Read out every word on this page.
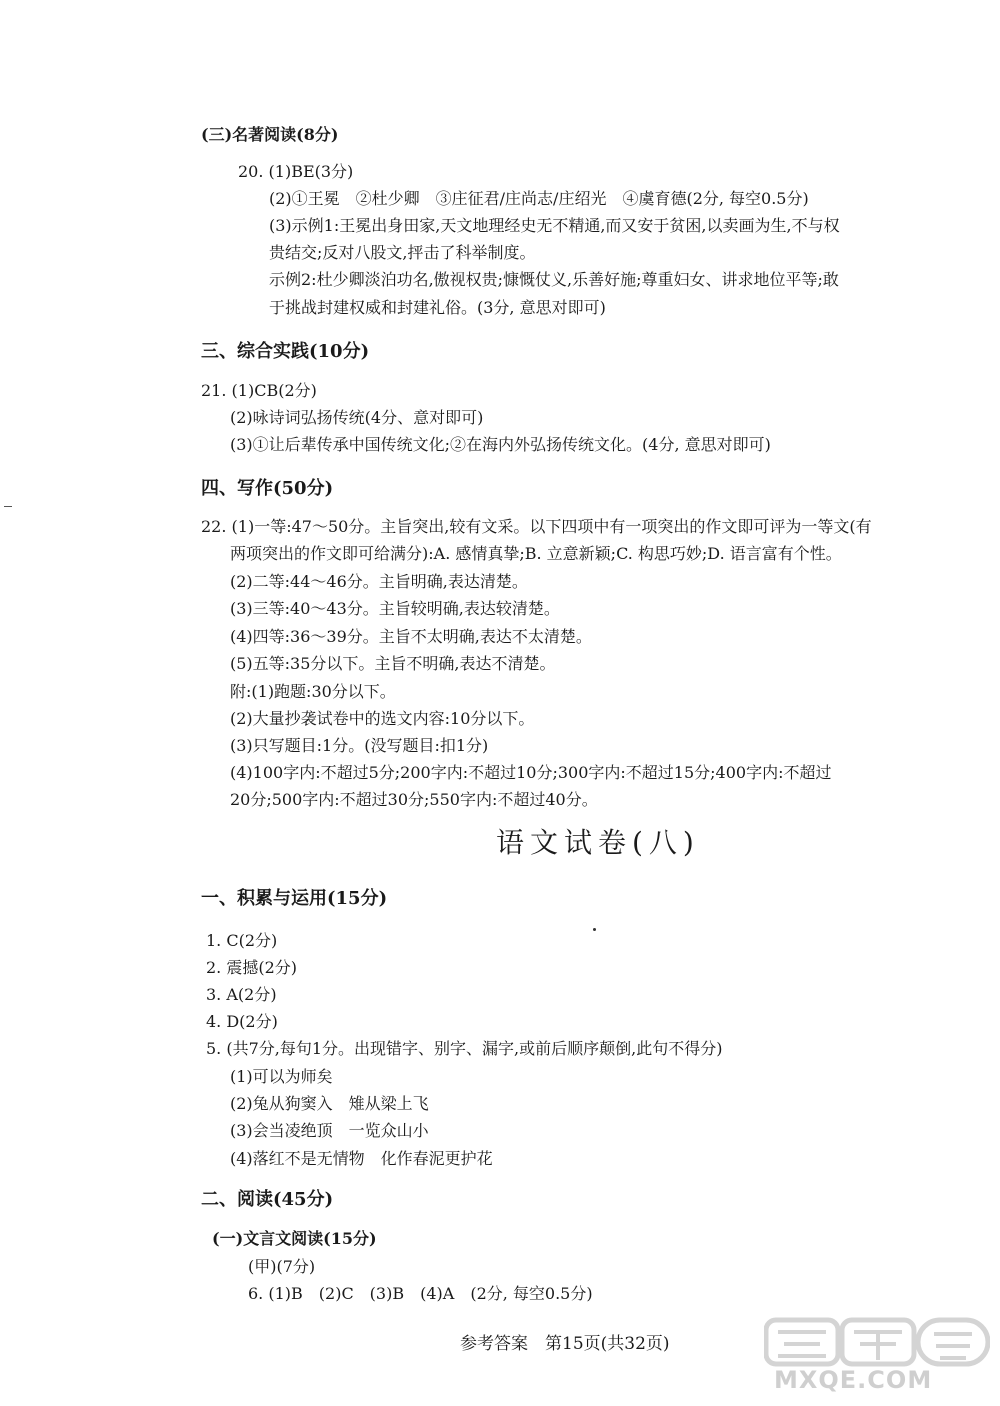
(三)名著阅读(8分)
20. (1)BE(3分)
(2)①王冕　②杜少卿　③庄征君/庄尚志/庄绍光　④虞育德(2分, 每空0.5分)
(3)示例1:王冕出身田家,天文地理经史无不精通,而又安于贫困,以卖画为生,不与权
贵结交;反对八股文,抨击了科举制度。
示例2:杜少卿淡泊功名,傲视权贵;慷慨仗义,乐善好施;尊重妇女、讲求地位平等;敢
于挑战封建权威和封建礼俗。(3分, 意思对即可)
三、综合实践(10分)
21. (1)CB(2分)
(2)咏诗词弘扬传统(4分、意对即可)
(3)①让后辈传承中国传统文化;②在海内外弘扬传统文化。(4分, 意思对即可)
四、写作(50分)
22. (1)一等:47～50分。主旨突出,较有文采。以下四项中有一项突出的作文即可评为一等文(有
两项突出的作文即可给满分):A. 感情真挚;B. 立意新颖;C. 构思巧妙;D. 语言富有个性。
(2)二等:44～46分。主旨明确,表达清楚。
(3)三等:40～43分。主旨较明确,表达较清楚。
(4)四等:36～39分。主旨不太明确,表达不太清楚。
(5)五等:35分以下。主旨不明确,表达不清楚。
附:(1)跑题:30分以下。
(2)大量抄袭试卷中的选文内容:10分以下。
(3)只写题目:1分。(没写题目:扣1分)
(4)100字内:不超过5分;200字内:不超过10分;300字内:不超过15分;400字内:不超过
20分;500字内:不超过30分;550字内:不超过40分。
语文试卷(八)
一、积累与运用(15分)
1. C(2分)
2. 震撼(2分)
3. A(2分)
4. D(2分)
5. (共7分,每句1分。出现错字、别字、漏字,或前后顺序颠倒,此句不得分)
(1)可以为师矣
(2)兔从狗窦入　雉从梁上飞
(3)会当凌绝顶　一览众山小
(4)落红不是无情物　化作春泥更护花
二、阅读(45分)
(一)文言文阅读(15分)
(甲)(7分)
6. (1)B　(2)C　(3)B　(4)A　(2分, 每空0.5分)
参考答案　第15页(共32页)
MXQE.COM
